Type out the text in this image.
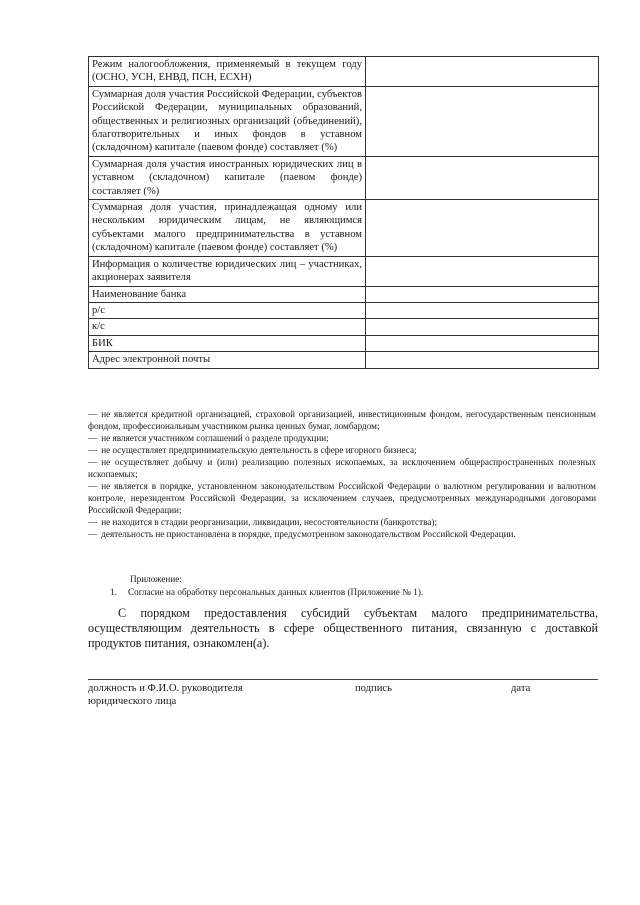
Режим налогообложения, применяемый в текущем году (ОСНО, УСН, ЕНВД, ПСН, ЕСХН)	
Суммарная доля участия Российской Федерации, субъектов Российской Федерации, муниципальных образований, общественных и религиозных организаций (объединений), благотворительных и иных фондов в уставном (складочном) капитале (паевом фонде) составляет (%)	
Суммарная доля участия иностранных юридических лиц в уставном (складочном) капитале (паевом фонде) составляет (%)	
Суммарная доля участия, принадлежащая одному или нескольким юридическим лицам, не являющимся субъектами малого предпринимательства в уставном (складочном) капитале (паевом фонде) составляет (%)	
Информация о количестве юридических лиц – участниках, акционерах заявителя	
Наименование банка	
р/с	
к/с	
БИК	
Адрес электронной почты	
— не является кредитной организацией, страховой организацией, инвестиционным фондом, негосударственным пенсионным фондом, профессиональным участником рынка ценных бумаг, ломбардом;
— не является участником соглашений о разделе продукции;
— не осуществляет предпринимательскую деятельность в сфере игорного бизнеса;
— не осуществляет добычу и (или) реализацию полезных ископаемых, за исключением общераспространенных полезных ископаемых;
— не является в порядке, установленном законодательством Российской Федерации о валютном регулировании и валютном контроле, нерезидентом Российской Федерации, за исключением случаев, предусмотренных международными договорами Российской Федерации;
— не находится в стадии реорганизации, ликвидации, несостоятельности (банкротства);
— деятельность не приостановлена в порядке, предусмотренном законодательством Российской Федерации.
Приложение:
1. Согласие на обработку персональных данных клиентов (Приложение № 1).
С порядком предоставления субсидий субъектам малого предпринимательства, осуществляющим деятельность в сфере общественного питания, связанную с доставкой продуктов питания, ознакомлен(а).
должность и Ф.И.О. руководителя
юридического лица
подпись	дата
